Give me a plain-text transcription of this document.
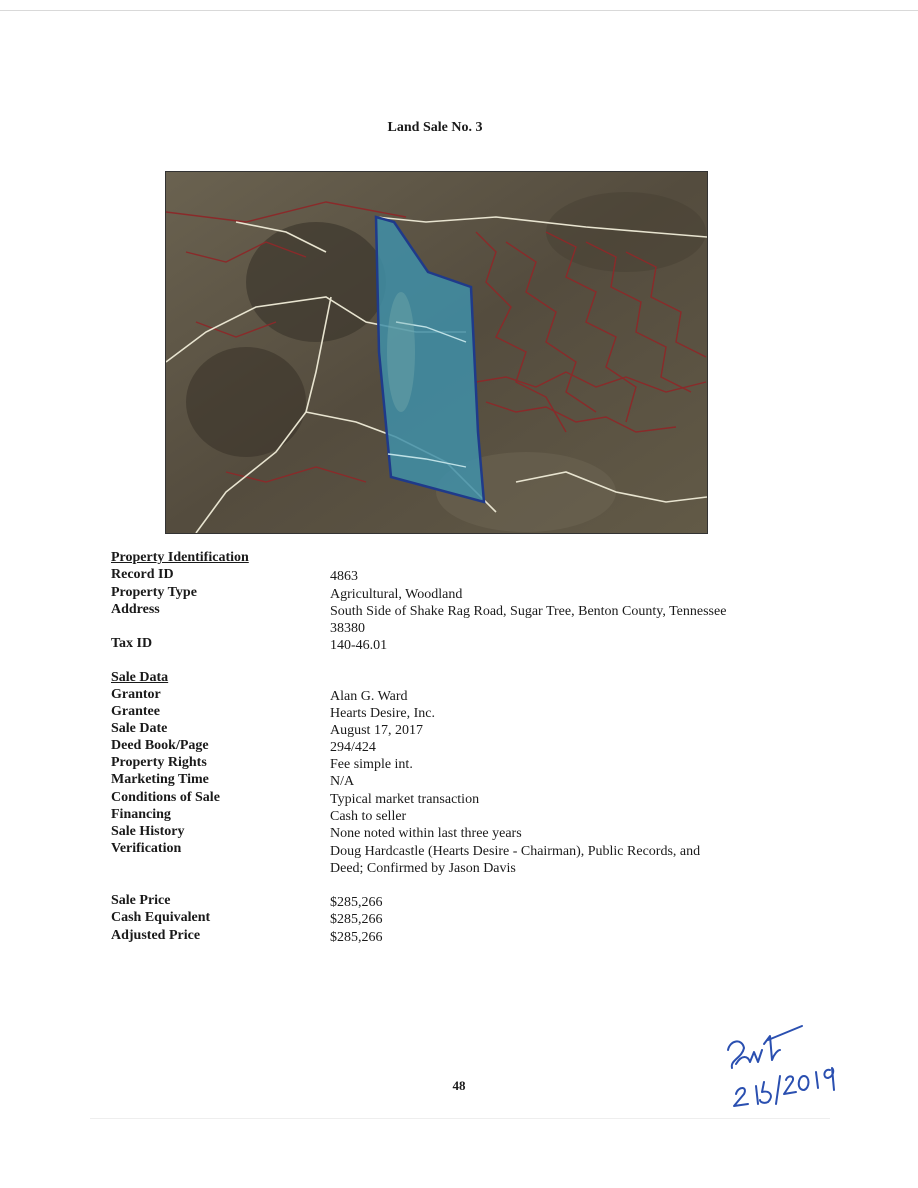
Land Sale No. 3
Property Identification
Record ID	4863
Property Type	Agricultural, Woodland
Address	South Side of Shake Rag Road, Sugar Tree, Benton County, Tennessee
38380
Tax ID	140-46.01
Sale Data
Grantor	Alan G. Ward
Grantee	Hearts Desire, Inc.
Sale Date	August 17, 2017
Deed Book/Page	294/424
Property Rights	Fee simple int.
Marketing Time	N/A
Conditions of Sale	Typical market transaction
Financing	Cash to seller
Sale History	None noted within last three years
Verification	Doug Hardcastle (Hearts Desire - Chairman), Public Records, and
Deed; Confirmed by Jason Davis
Sale Price	$285,266
Cash Equivalent	$285,266
Adjusted Price	$285,266
48
